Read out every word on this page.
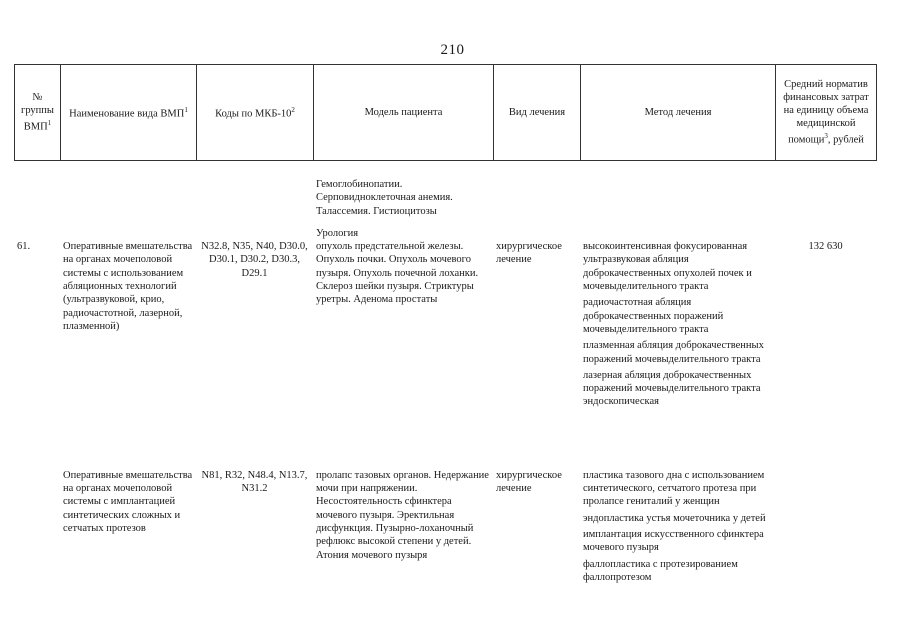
210
№ группы ВМП$^1$	Наименование вида ВМП$^1$	Коды по МКБ-$10^2$	Модель пациента	Вид лечения	Метод лечения	Средний норматив финансовых затрат на единицу объема медицинской помощи$^3$, рублей

			Гемоглобинопатии.
Серповидноклеточная анемия.
Талассемия. Гистиоцитозы			

			Урология			
61.	Оперативные вмешательства на органах мочеполовой системы с использованием абляционных технологий (ультразвуковой, крио, радиочастотной, лазерной, плазменной)	N32.8, N35, N40, D30.0, D30.1, D30.2, D30.3, D29.1	опухоль предстательной железы. Опухоль почки. Опухоль мочевого пузыря. Опухоль почечной лоханки. Склероз шейки пузыря. Стриктуры уретры. Аденома простаты	хирургическое лечение	высокоинтенсивная фокусированная ультразвуковая абляция доброкачественных опухолей почек и мочевыделительного тракта
радиочастотная абляция доброкачественных поражений мочевыделительного тракта
плазменная абляция доброкачественных поражений мочевыделительного тракта
лазерная абляция доброкачественных поражений мочевыделительного тракта эндоскопическая	132 630

	Оперативные вмешательства на органах мочеполовой системы с имплантацией синтетических сложных и сетчатых протезов	N81, R32, N48.4, N13.7, N31.2	пролапс тазовых органов. Недержание мочи при напряжении. Несостоятельность сфинктера мочевого пузыря. Эректильная дисфункция. Пузырно-лоханочный рефлюкс высокой степени у детей. Атония мочевого пузыря	хирургическое лечение	пластика тазового дна с использованием синтетического, сетчатого протеза при пролапсе гениталий у женщин
эндопластика устья мочеточника у детей
имплантация искусственного сфинктера мочевого пузыря
фаллопластика с протезированием фаллопротезом	
